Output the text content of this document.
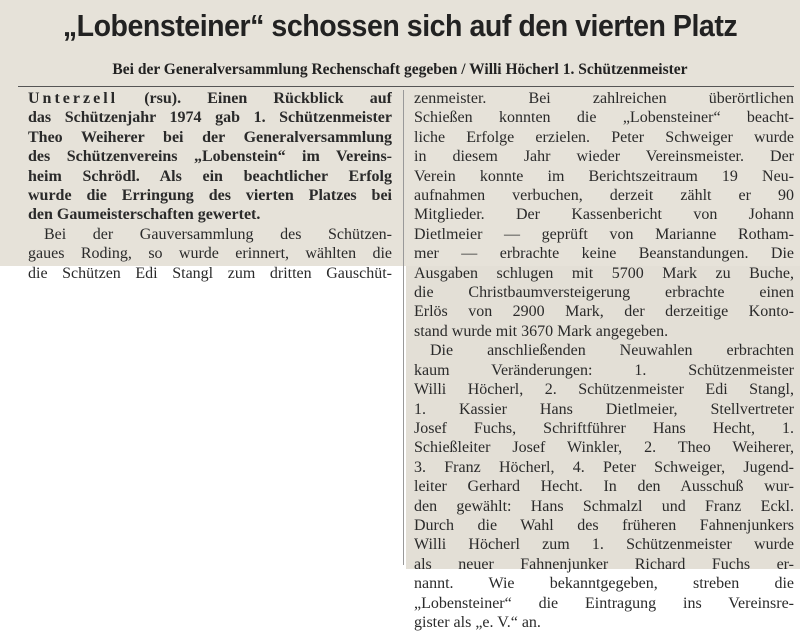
„Lobensteiner“ schossen sich auf den vierten Platz
Bei der Generalversammlung Rechenschaft gegeben / Willi Höcherl 1. Schützenmeister
Unterzell (rsu). Einen Rückblick auf
das Schützenjahr 1974 gab 1. Schützenmeister
Theo Weiherer bei der Generalversammlung
des Schützenvereins „Lobenstein“ im Vereins-
heim Schrödl. Als ein beachtlicher Erfolg
wurde die Erringung des vierten Platzes bei
den Gaumeisterschaften gewertet.
Bei der Gauversammlung des Schützen-
gaues Roding, so wurde erinnert, wählten die
die Schützen Edi Stangl zum dritten Gauschüt-
zenmeister. Bei zahlreichen überörtlichen
Schießen konnten die „Lobensteiner“ beacht-
liche Erfolge erzielen. Peter Schweiger wurde
in diesem Jahr wieder Vereinsmeister. Der
Verein konnte im Berichtszeitraum 19 Neu-
aufnahmen verbuchen, derzeit zählt er 90
Mitglieder. Der Kassenbericht von Johann
Dietlmeier — geprüft von Marianne Rotham-
mer — erbrachte keine Beanstandungen. Die
Ausgaben schlugen mit 5700 Mark zu Buche,
die Christbaumversteigerung erbrachte einen
Erlös von 2900 Mark, der derzeitige Konto-
stand wurde mit 3670 Mark angegeben.
Die anschließenden Neuwahlen erbrachten
kaum Veränderungen: 1. Schützenmeister
Willi Höcherl, 2. Schützenmeister Edi Stangl,
1. Kassier Hans Dietlmeier, Stellvertreter
Josef Fuchs, Schriftführer Hans Hecht, 1.
Schießleiter Josef Winkler, 2. Theo Weiherer,
3. Franz Höcherl, 4. Peter Schweiger, Jugend-
leiter Gerhard Hecht. In den Ausschuß wur-
den gewählt: Hans Schmalzl und Franz Eckl.
Durch die Wahl des früheren Fahnenjunkers
Willi Höcherl zum 1. Schützenmeister wurde
als neuer Fahnenjunker Richard Fuchs er-
nannt. Wie bekanntgegeben, streben die
„Lobensteiner“ die Eintragung ins Vereinsre-
gister als „e. V.“ an.
